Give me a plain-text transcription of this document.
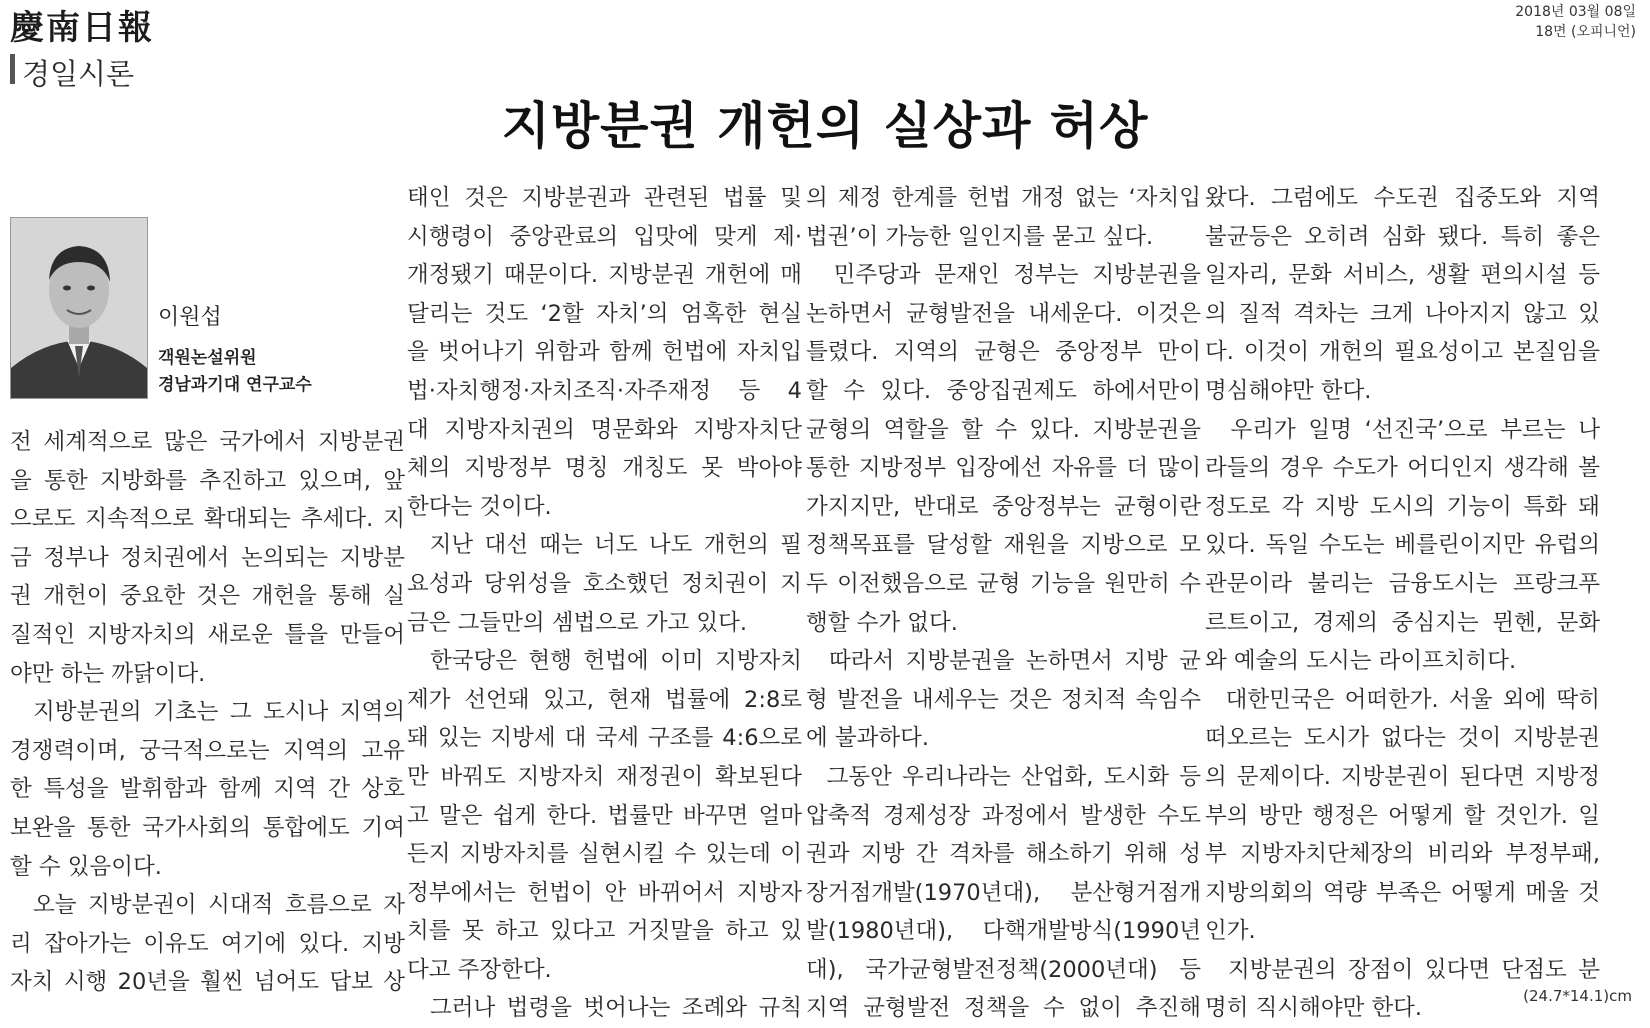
慶南日報	2018년 03월 08일
18면 (오피니언)
경일시론
지방분권 개헌의 실상과 허상
이원섭
객원논설위원
경남과기대 연구교수
전 세계적으로 많은 국가에서 지방분권
을 통한 지방화를 추진하고 있으며, 앞
으로도 지속적으로 확대되는 추세다. 지
금 정부나 정치권에서 논의되는 지방분
권 개헌이 중요한 것은 개헌을 통해 실
질적인 지방자치의 새로운 틀을 만들어
야만 하는 까닭이다.
지방분권의 기초는 그 도시나 지역의
경쟁력이며, 궁극적으로는 지역의 고유
한 특성을 발휘함과 함께 지역 간 상호
보완을 통한 국가사회의 통합에도 기여
할 수 있음이다.
오늘 지방분권이 시대적 흐름으로 자
리 잡아가는 이유도 여기에 있다. 지방
자치 시행 20년을 훨씬 넘어도 답보 상
태인 것은 지방분권과 관련된 법률 및
시행령이 중앙관료의 입맛에 맞게 제·
개정됐기 때문이다. 지방분권 개헌에 매
달리는 것도 ‘2할 자치’의 엄혹한 현실
을 벗어나기 위함과 함께 헌법에 자치입
법·자치행정·자치조직·자주재정 등 4
대 지방자치권의 명문화와 지방자치단
체의 지방정부 명칭 개칭도 못 박아야
한다는 것이다.
지난 대선 때는 너도 나도 개헌의 필
요성과 당위성을 호소했던 정치권이 지
금은 그들만의 셈법으로 가고 있다.
한국당은 현행 헌법에 이미 지방자치
제가 선언돼 있고, 현재 법률에 2:8로
돼 있는 지방세 대 국세 구조를 4:6으로
만 바꿔도 지방자치 재정권이 확보된다
고 말은 쉽게 한다. 법률만 바꾸면 얼마
든지 지방자치를 실현시킬 수 있는데 이
정부에서는 헌법이 안 바뀌어서 지방자
치를 못 하고 있다고 거짓말을 하고 있
다고 주장한다.
그러나 법령을 벗어나는 조례와 규칙
의 제정 한계를 헌법 개정 없는 ‘자치입
법권’이 가능한 일인지를 묻고 싶다.
민주당과 문재인 정부는 지방분권을
논하면서 균형발전을 내세운다. 이것은
틀렸다. 지역의 균형은 중앙정부 만이
할 수 있다. 중앙집권제도 하에서만이
균형의 역할을 할 수 있다. 지방분권을
통한 지방정부 입장에선 자유를 더 많이
가지지만, 반대로 중앙정부는 균형이란
정책목표를 달성할 재원을 지방으로 모
두 이전했음으로 균형 기능을 원만히 수
행할 수가 없다.
따라서 지방분권을 논하면서 지방 균
형 발전을 내세우는 것은 정치적 속임수
에 불과하다.
그동안 우리나라는 산업화, 도시화 등
압축적 경제성장 과정에서 발생한 수도
권과 지방 간 격차를 해소하기 위해 성
장거점개발(1970년대),  분산형거점개
발(1980년대),  다핵개발방식(1990년
대), 국가균형발전정책(2000년대) 등
지역 균형발전 정책을 수 없이 추진해
왔다. 그럼에도 수도권 집중도와 지역
불균등은 오히려 심화 됐다. 특히 좋은
일자리, 문화 서비스, 생활 편의시설 등
의 질적 격차는 크게 나아지지 않고 있
다. 이것이 개헌의 필요성이고 본질임을
명심해야만 한다.
우리가 일명 ‘선진국’으로 부르는 나
라들의 경우 수도가 어디인지 생각해 볼
정도로 각 지방 도시의 기능이 특화 돼
있다. 독일 수도는 베를린이지만 유럽의
관문이라 불리는 금융도시는 프랑크푸
르트이고, 경제의 중심지는 뮌헨, 문화
와 예술의 도시는 라이프치히다.
대한민국은 어떠한가. 서울 외에 딱히
떠오르는 도시가 없다는 것이 지방분권
의 문제이다. 지방분권이 된다면 지방정
부의 방만 행정은 어떻게 할 것인가. 일
부 지방자치단체장의 비리와 부정부패,
지방의회의 역량 부족은 어떻게 메울 것
인가.
지방분권의 장점이 있다면 단점도 분
명히 직시해야만 한다.	(24.7*14.1)cm
